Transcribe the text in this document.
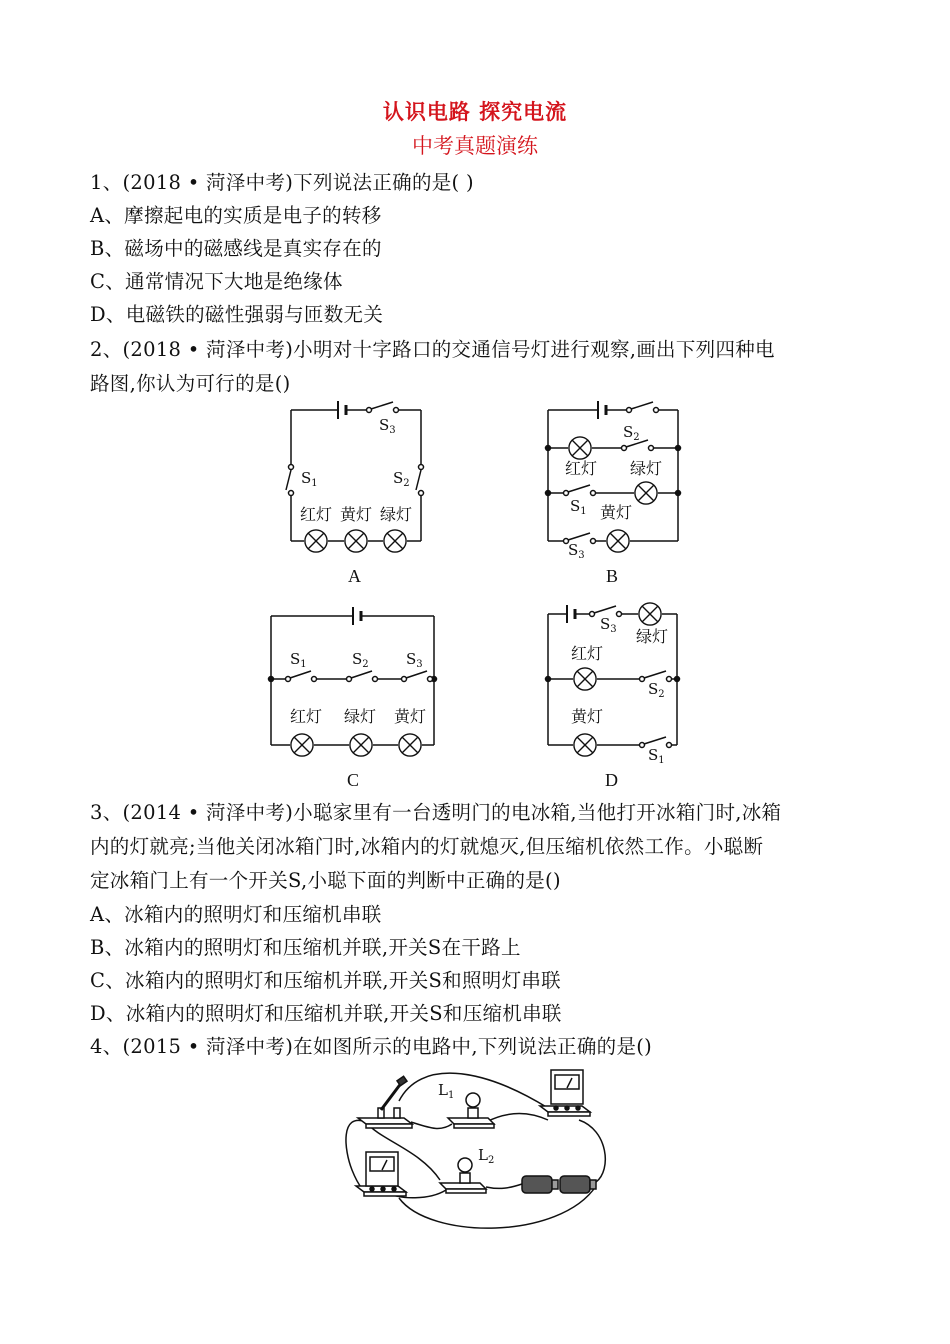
认识电路 探究电流
中考真题演练
1、(2018 • 菏泽中考)下列说法正确的是( )
A、摩擦起电的实质是电子的转移
B、磁场中的磁感线是真实存在的
C、通常情况下大地是绝缘体
D、电磁铁的磁性强弱与匝数无关
2、(2018 • 菏泽中考)小明对十字路口的交通信号灯进行观察,画出下列四种电
路图,你认为可行的是()
3、(2014 • 菏泽中考)小聪家里有一台透明门的电冰箱,当他打开冰箱门时,冰箱
内的灯就亮;当他关闭冰箱门时,冰箱内的灯就熄灭,但压缩机依然工作。小聪断
定冰箱门上有一个开关S,小聪下面的判断中正确的是()
A、冰箱内的照明灯和压缩机串联
B、冰箱内的照明灯和压缩机并联,开关S在干路上
C、冰箱内的照明灯和压缩机并联,开关S和照明灯串联
D、冰箱内的照明灯和压缩机并联,开关S和压缩机串联
4、(2015 • 菏泽中考)在如图所示的电路中,下列说法正确的是()
$S_3$
$S_1$	$S_2$
红灯 黄灯 绿灯
A
$S_2$
红灯 绿灯
$S_1$ 黄灯
$S_3$
B
$S_1$	$S_2$ $S_3$
红灯 绿灯 黄灯
C
$S_3$ 绿灯
红灯
$S_2$
黄灯
$S_1$
D
$L_1$
$L_2$
